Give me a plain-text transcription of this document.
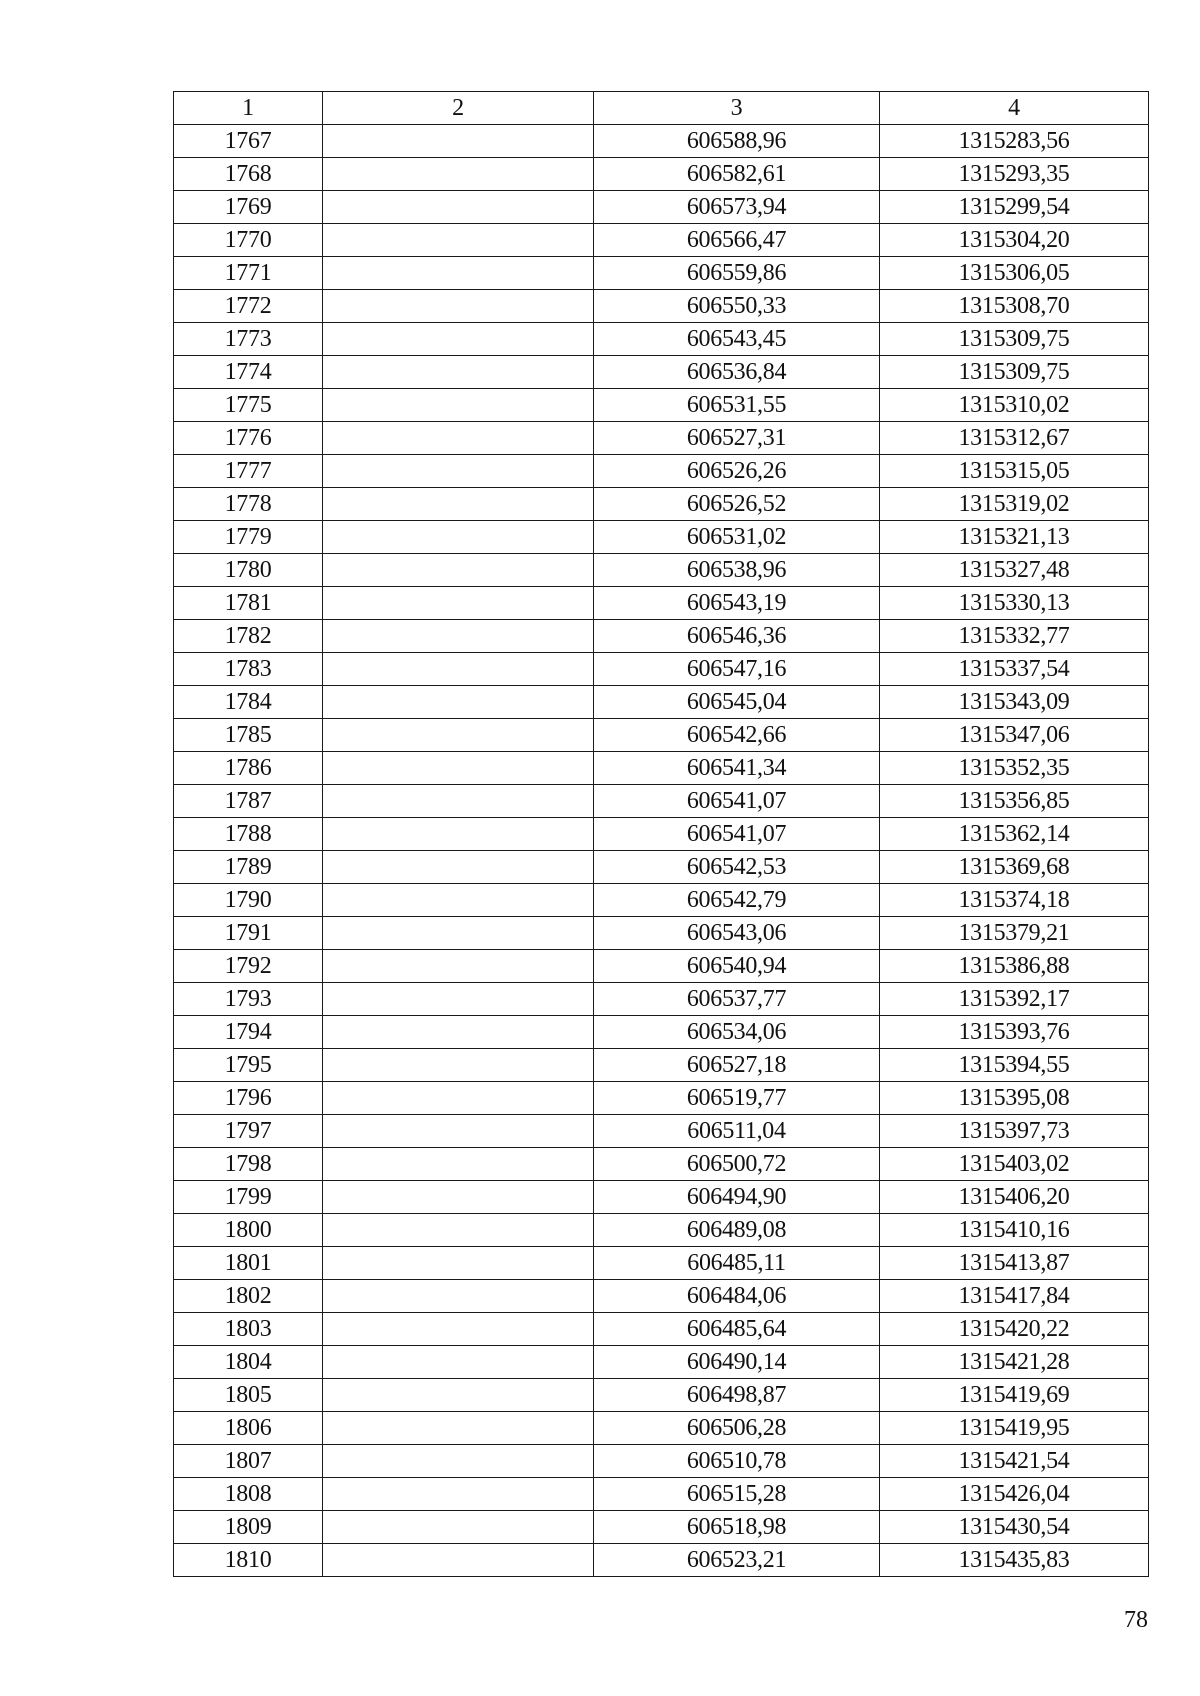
1	2	3	4
1767		606588,96	1315283,56
1768		606582,61	1315293,35
1769		606573,94	1315299,54
1770		606566,47	1315304,20
1771		606559,86	1315306,05
1772		606550,33	1315308,70
1773		606543,45	1315309,75
1774		606536,84	1315309,75
1775		606531,55	1315310,02
1776		606527,31	1315312,67
1777		606526,26	1315315,05
1778		606526,52	1315319,02
1779		606531,02	1315321,13
1780		606538,96	1315327,48
1781		606543,19	1315330,13
1782		606546,36	1315332,77
1783		606547,16	1315337,54
1784		606545,04	1315343,09
1785		606542,66	1315347,06
1786		606541,34	1315352,35
1787		606541,07	1315356,85
1788		606541,07	1315362,14
1789		606542,53	1315369,68
1790		606542,79	1315374,18
1791		606543,06	1315379,21
1792		606540,94	1315386,88
1793		606537,77	1315392,17
1794		606534,06	1315393,76
1795		606527,18	1315394,55
1796		606519,77	1315395,08
1797		606511,04	1315397,73
1798		606500,72	1315403,02
1799		606494,90	1315406,20
1800		606489,08	1315410,16
1801		606485,11	1315413,87
1802		606484,06	1315417,84
1803		606485,64	1315420,22
1804		606490,14	1315421,28
1805		606498,87	1315419,69
1806		606506,28	1315419,95
1807		606510,78	1315421,54
1808		606515,28	1315426,04
1809		606518,98	1315430,54
1810		606523,21	1315435,83
78
